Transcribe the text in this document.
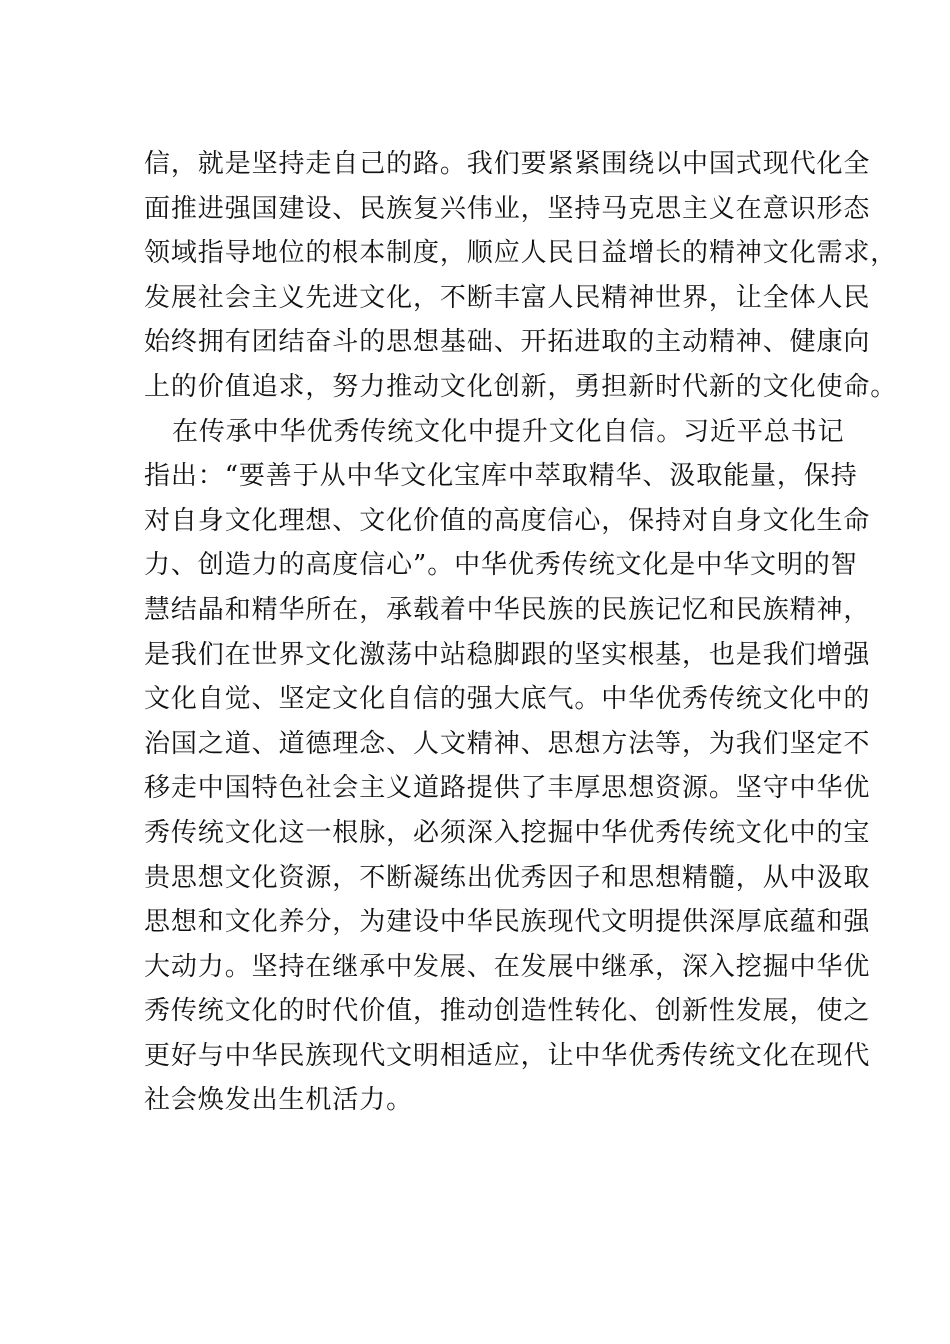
信，就是坚持走自己的路。我们要紧紧围绕以中国式现代化全
面推进强国建设、民族复兴伟业，坚持马克思主义在意识形态
领域指导地位的根本制度，顺应人民日益增长的精神文化需求，
发展社会主义先进文化，不断丰富人民精神世界，让全体人民
始终拥有团结奋斗的思想基础、开拓进取的主动精神、健康向
上的价值追求，努力推动文化创新，勇担新时代新的文化使命。
在传承中华优秀传统文化中提升文化自信。习近平总书记
指出：“要善于从中华文化宝库中萃取精华、汲取能量，保持
对自身文化理想、文化价值的高度信心，保持对自身文化生命
力、创造力的高度信心”。中华优秀传统文化是中华文明的智
慧结晶和精华所在，承载着中华民族的民族记忆和民族精神，
是我们在世界文化激荡中站稳脚跟的坚实根基，也是我们增强
文化自觉、坚定文化自信的强大底气。中华优秀传统文化中的
治国之道、道德理念、人文精神、思想方法等，为我们坚定不
移走中国特色社会主义道路提供了丰厚思想资源。坚守中华优
秀传统文化这一根脉，必须深入挖掘中华优秀传统文化中的宝
贵思想文化资源，不断凝练出优秀因子和思想精髓，从中汲取
思想和文化养分，为建设中华民族现代文明提供深厚底蕴和强
大动力。坚持在继承中发展、在发展中继承，深入挖掘中华优
秀传统文化的时代价值，推动创造性转化、创新性发展，使之
更好与中华民族现代文明相适应，让中华优秀传统文化在现代
社会焕发出生机活力。
